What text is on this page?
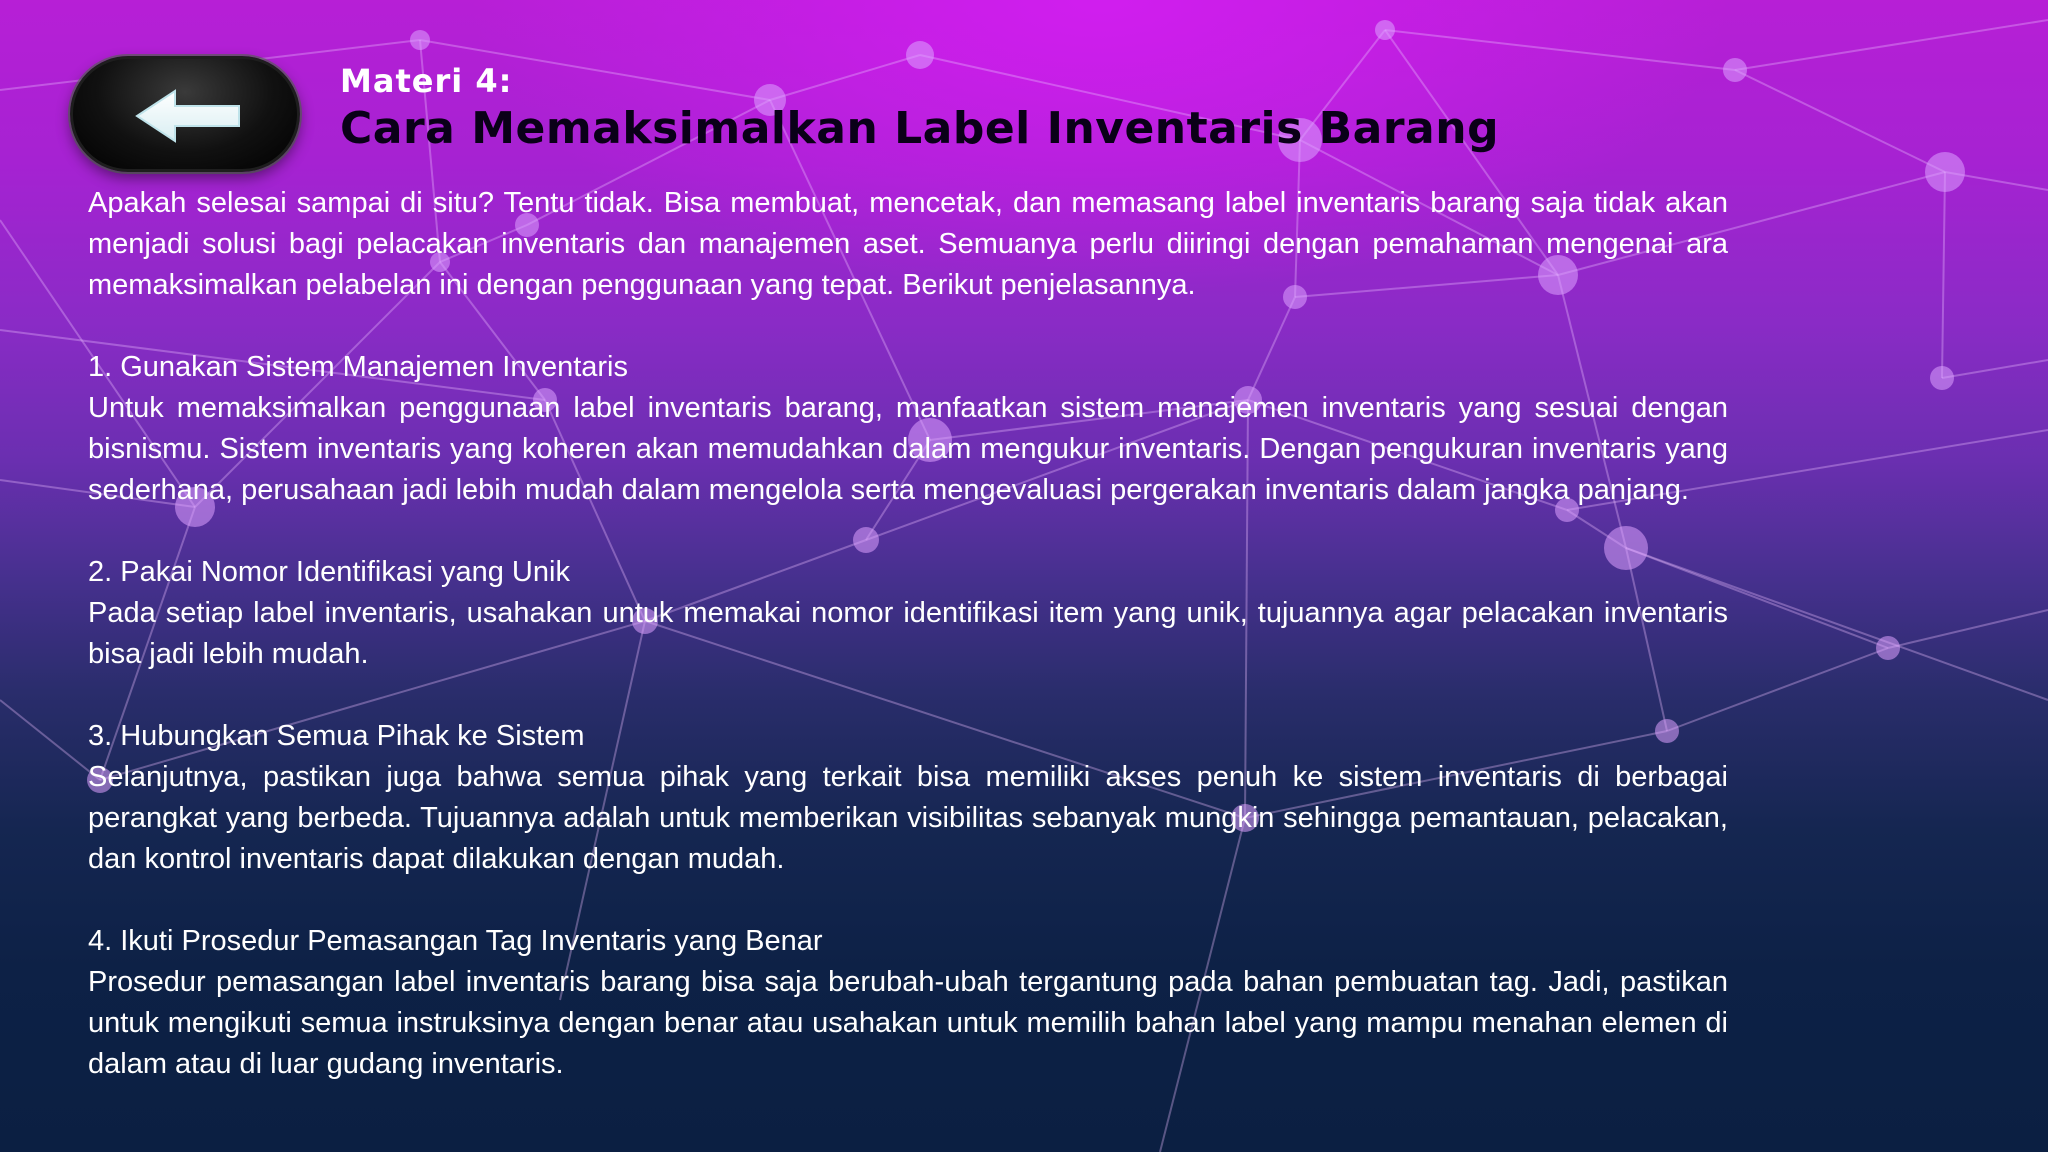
Materi 4:
Cara Memaksimalkan Label Inventaris Barang

Apakah selesai sampai di situ? Tentu tidak. Bisa membuat, mencetak, dan memasang label inventaris barang saja tidak akan menjadi solusi bagi pelacakan inventaris dan manajemen aset. Semuanya perlu diiringi dengan pemahaman mengenai ara memaksimalkan pelabelan ini dengan penggunaan yang tepat. Berikut penjelasannya.

1. Gunakan Sistem Manajemen Inventaris

Untuk memaksimalkan penggunaan label inventaris barang, manfaatkan sistem manajemen inventaris yang sesuai dengan bisnismu. Sistem inventaris yang koheren akan memudahkan dalam mengukur inventaris. Dengan pengukuran inventaris yang sederhana, perusahaan jadi lebih mudah dalam mengelola serta mengevaluasi pergerakan inventaris dalam jangka panjang.

2. Pakai Nomor Identifikasi yang Unik

Pada setiap label inventaris, usahakan untuk memakai nomor identifikasi item yang unik, tujuannya agar pelacakan inventaris bisa jadi lebih mudah.

3. Hubungkan Semua Pihak ke Sistem

Selanjutnya, pastikan juga bahwa semua pihak yang terkait bisa memiliki akses penuh ke sistem inventaris di berbagai perangkat yang berbeda. Tujuannya adalah untuk memberikan visibilitas sebanyak mungkin sehingga pemantauan, pelacakan, dan kontrol inventaris dapat dilakukan dengan mudah.

4. Ikuti Prosedur Pemasangan Tag Inventaris yang Benar

Prosedur pemasangan label inventaris barang bisa saja berubah-ubah tergantung pada bahan pembuatan tag. Jadi, pastikan untuk mengikuti semua instruksinya dengan benar atau usahakan untuk memilih bahan label yang mampu menahan elemen di dalam atau di luar gudang inventaris.
